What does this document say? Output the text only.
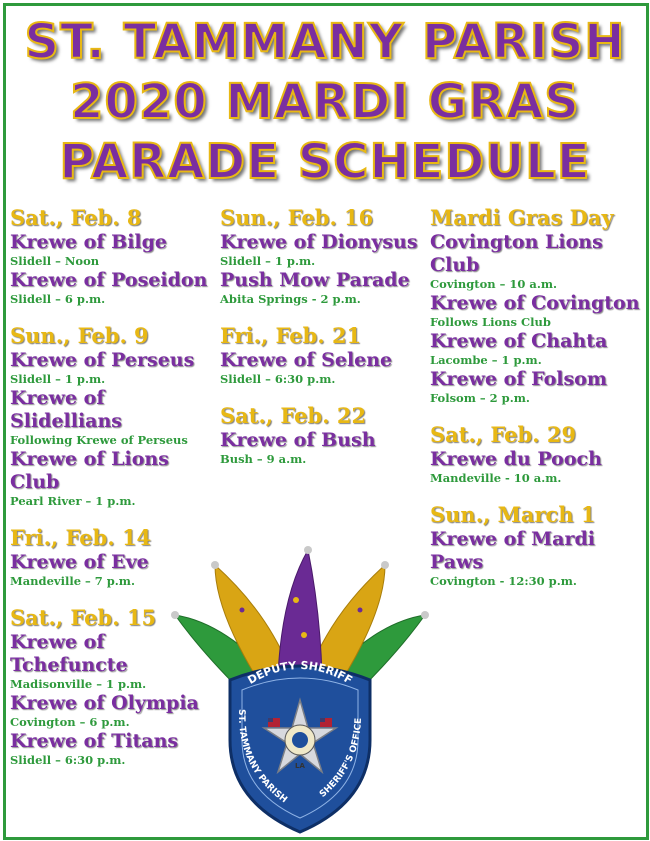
ST. TAMMANY PARISH
2020 MARDI GRAS
PARADE SCHEDULE
Sat., Feb. 8
Krewe of Bilge
Slidell – Noon
Krewe of Poseidon
Slidell – 6 p.m.
Sun., Feb. 9
Krewe of Perseus
Slidell – 1 p.m.
Krewe of Slidellians
Following Krewe of Perseus
Krewe of Lions Club
Pearl River – 1 p.m.
Fri., Feb. 14
Krewe of Eve
Mandeville – 7 p.m.
Sat., Feb. 15
Krewe of Tchefuncte
Madisonville – 1 p.m.
Krewe of Olympia
Covington – 6 p.m.
Krewe of Titans
Slidell – 6:30 p.m.
Sun., Feb. 16
Krewe of Dionysus
Slidell – 1 p.m.
Push Mow Parade
Abita Springs - 2 p.m.
Fri., Feb. 21
Krewe of Selene
Slidell – 6:30 p.m.
Sat., Feb. 22
Krewe of Bush
Bush – 9 a.m.
Mardi Gras Day
Covington Lions Club
Covington – 10 a.m.
Krewe of Covington
Follows Lions Club
Krewe of Chahta
Lacombe – 1 p.m.
Krewe of Folsom
Folsom – 2 p.m.
Sat., Feb. 29
Krewe du Pooch
Mandeville - 10 a.m.
Sun., March 1
Krewe of Mardi Paws
Covington - 12:30 p.m.
DEPUTY SHERIFF
ST. TAMMANY PARISH	SHERIFF'S OFFICE
LA
